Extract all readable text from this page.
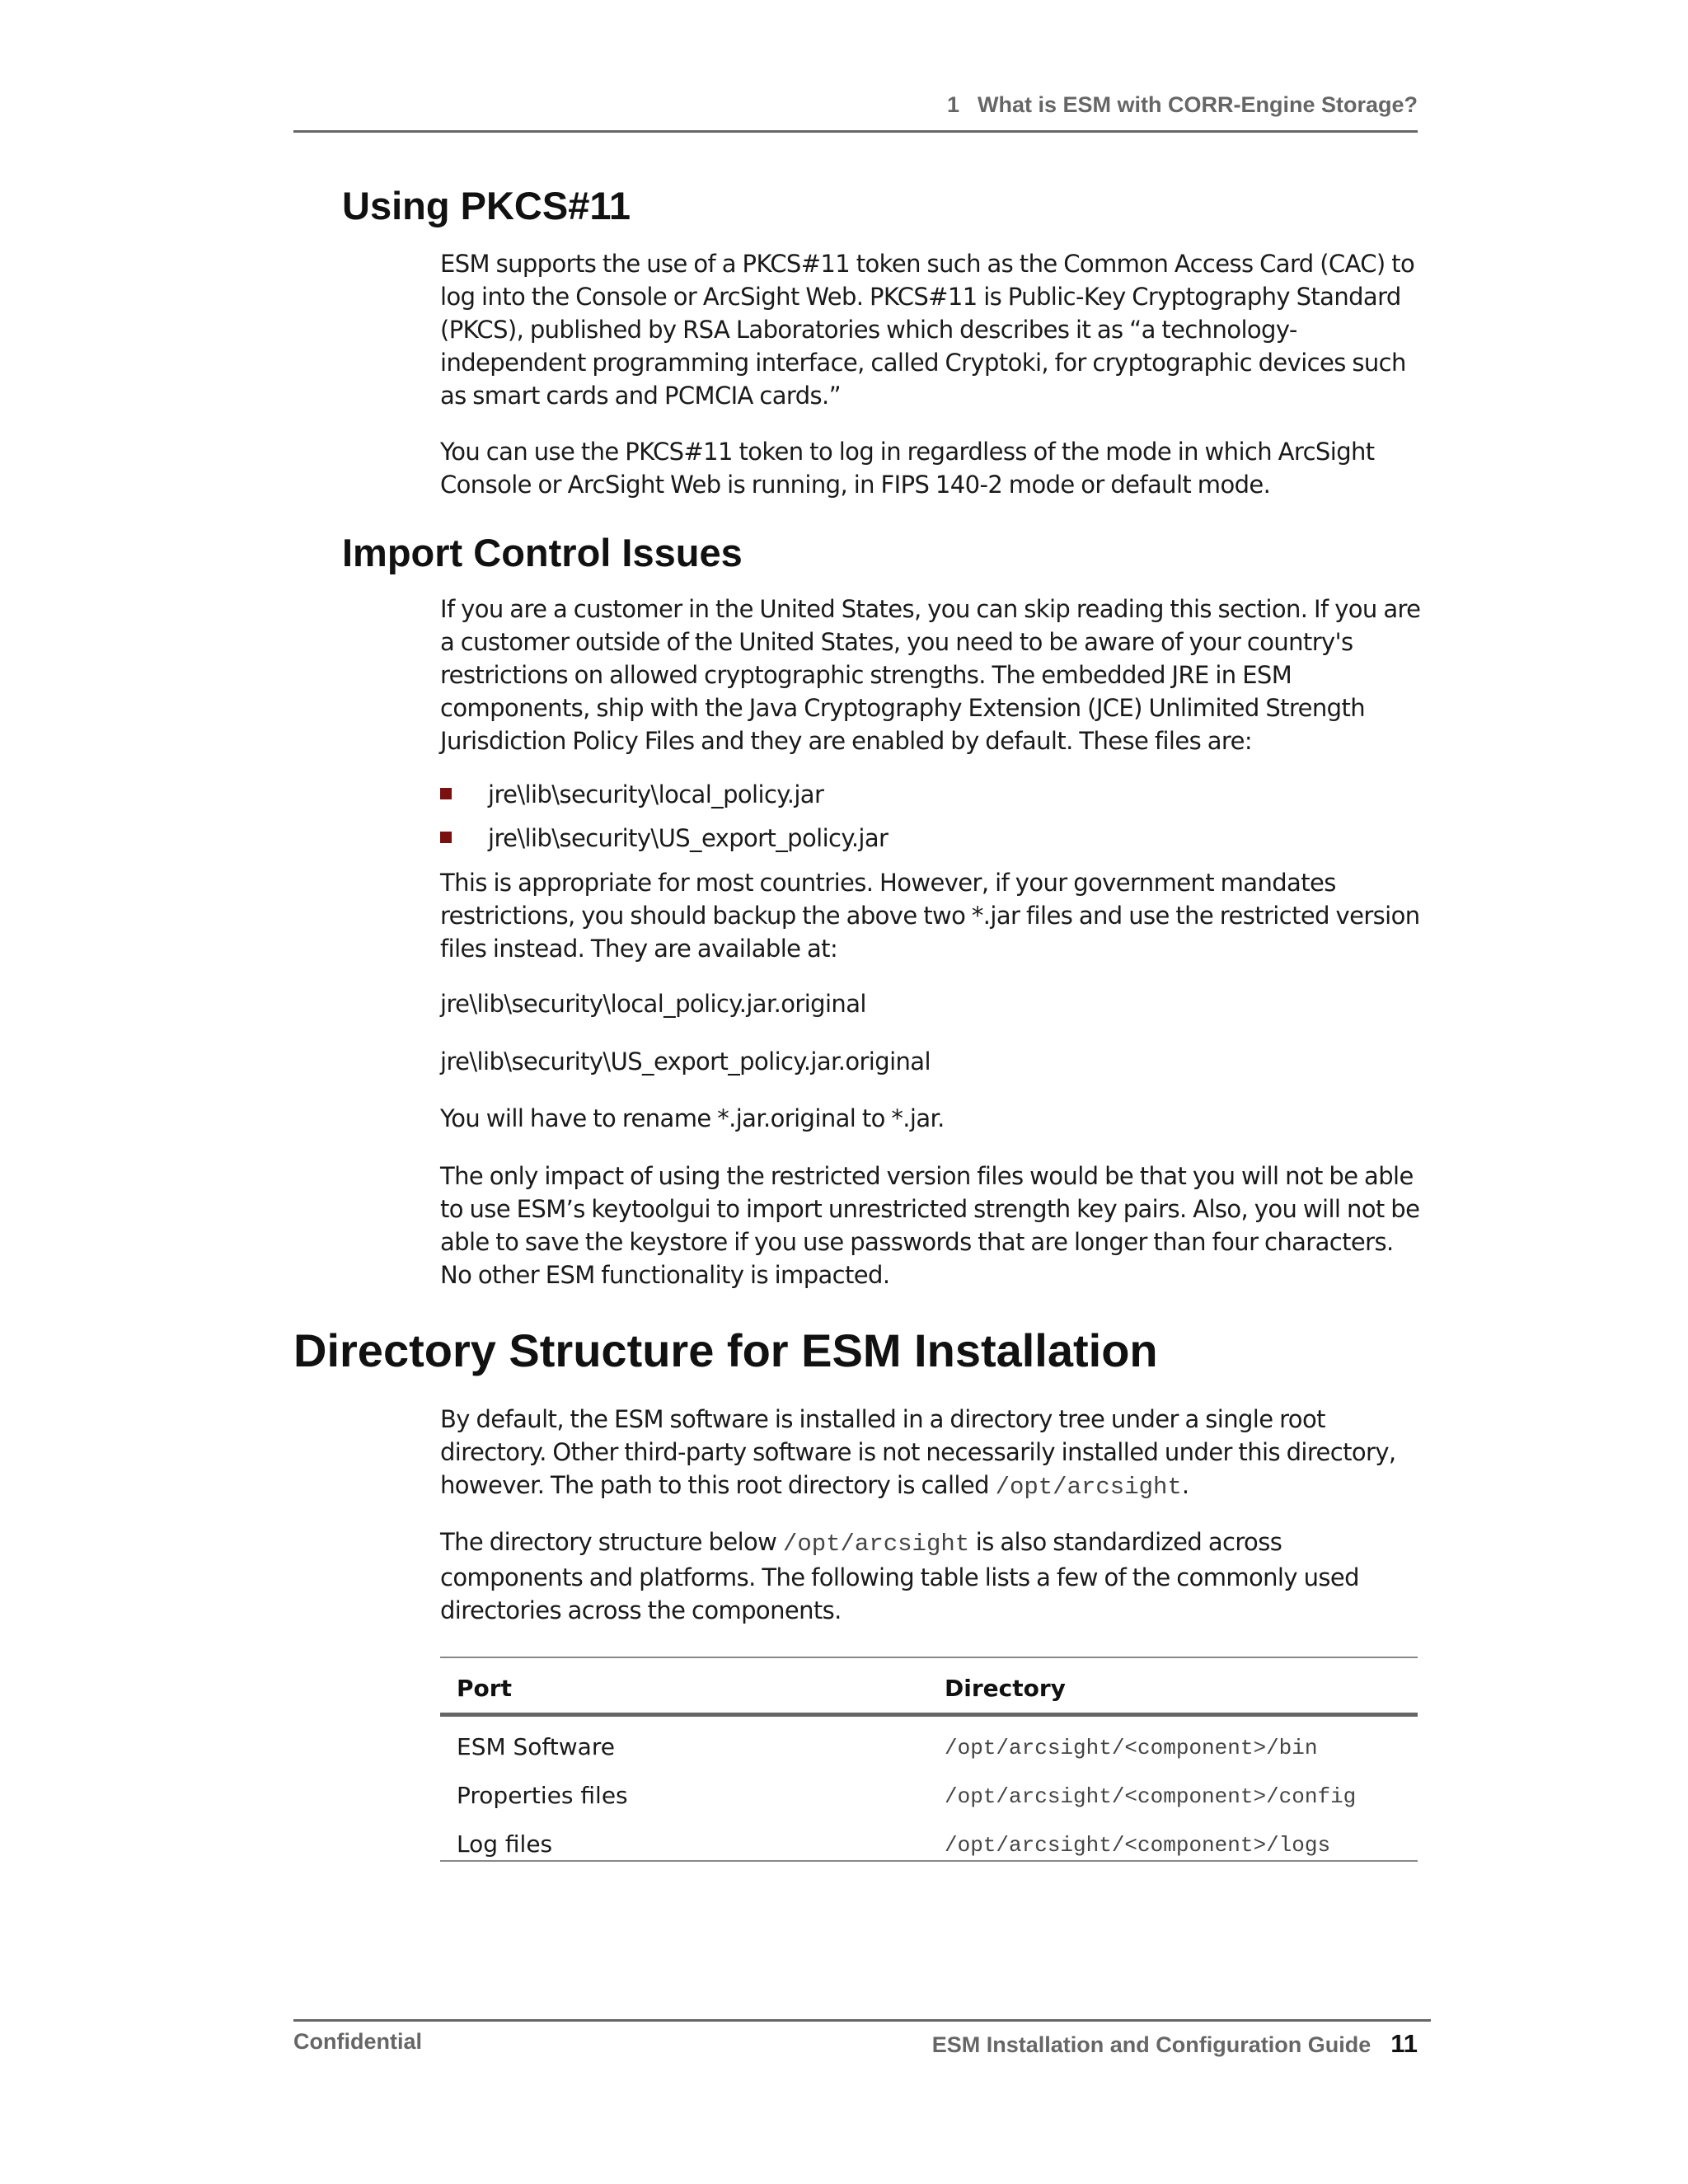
1 What is ESM with CORR-Engine Storage?
Using PKCS#11
ESM supports the use of a PKCS#11 token such as the Common Access Card (CAC) to log into the Console or ArcSight Web. PKCS#11 is Public-Key Cryptography Standard (PKCS), published by RSA Laboratories which describes it as “a technology-independent programming interface, called Cryptoki, for cryptographic devices such as smart cards and PCMCIA cards.”
You can use the PKCS#11 token to log in regardless of the mode in which ArcSight Console or ArcSight Web is running, in FIPS 140-2 mode or default mode.
Import Control Issues
If you are a customer in the United States, you can skip reading this section. If you are a customer outside of the United States, you need to be aware of your country's restrictions on allowed cryptographic strengths. The embedded JRE in ESM components, ship with the Java Cryptography Extension (JCE) Unlimited Strength Jurisdiction Policy Files and they are enabled by default. These files are:
jre\lib\security\local_policy.jar
jre\lib\security\US_export_policy.jar
This is appropriate for most countries. However, if your government mandates restrictions, you should backup the above two *.jar files and use the restricted version files instead. They are available at:
jre\lib\security\local_policy.jar.original
jre\lib\security\US_export_policy.jar.original
You will have to rename *.jar.original to *.jar.
The only impact of using the restricted version files would be that you will not be able to use ESM’s keytoolgui to import unrestricted strength key pairs. Also, you will not be able to save the keystore if you use passwords that are longer than four characters. No other ESM functionality is impacted.
Directory Structure for ESM Installation
By default, the ESM software is installed in a directory tree under a single root directory. Other third-party software is not necessarily installed under this directory, however. The path to this root directory is called /opt/arcsight.
The directory structure below /opt/arcsight is also standardized across components and platforms. The following table lists a few of the commonly used directories across the components.
Port	Directory
ESM Software	/opt/arcsight/<component>/bin
Properties files	/opt/arcsight/<component>/config
Log files	/opt/arcsight/<component>/logs
Confidential	ESM Installation and Configuration Guide 11
